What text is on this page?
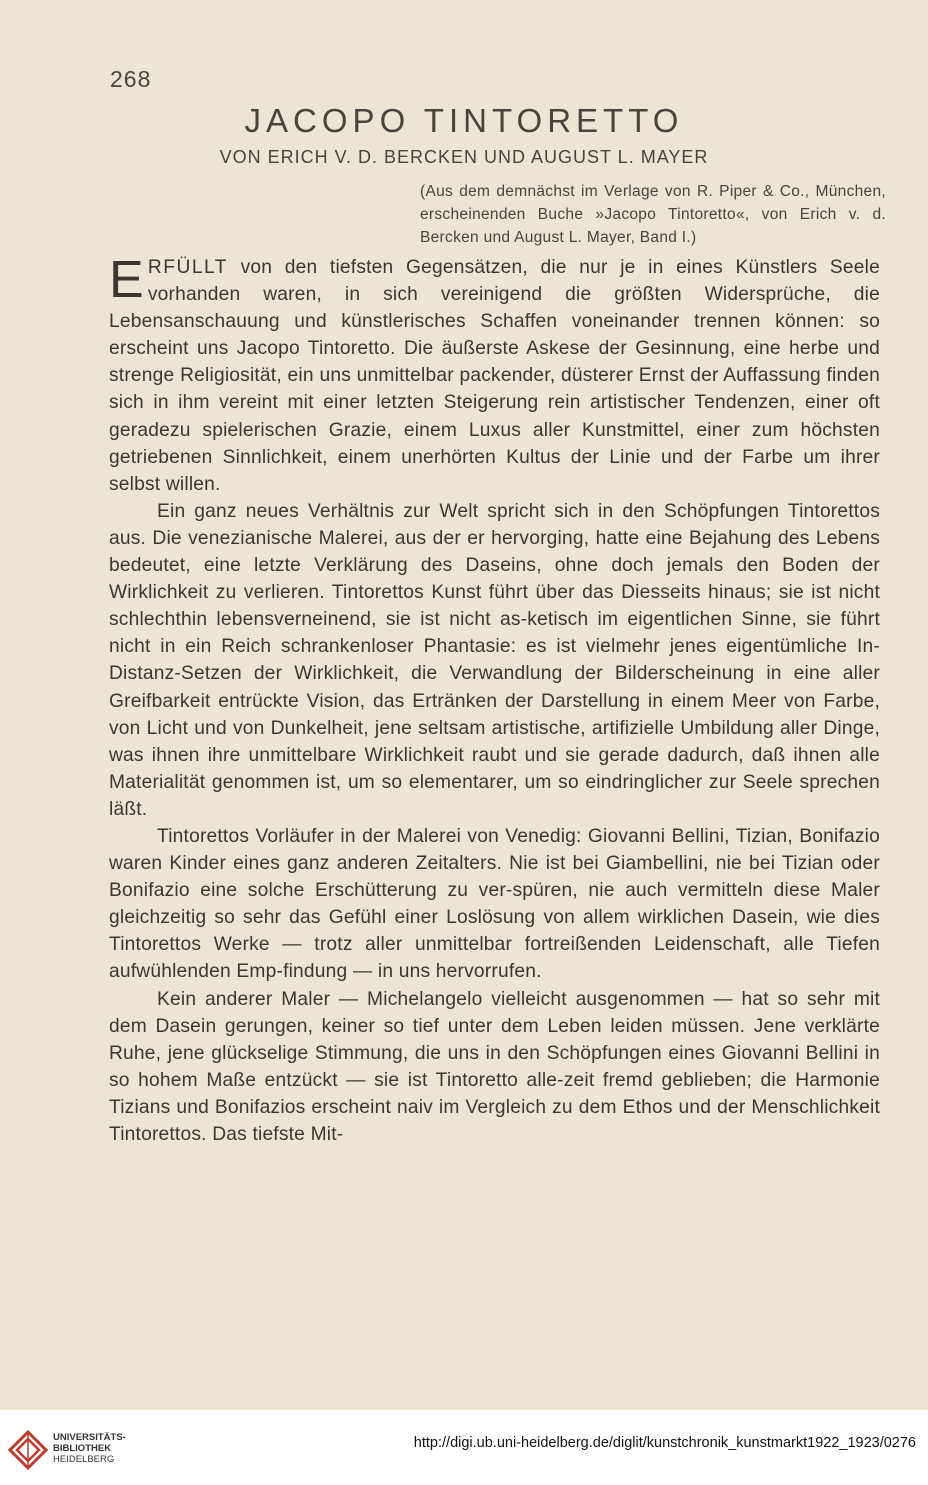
268
JACOPO TINTORETTO
VON ERICH V. D. BERCKEN UND AUGUST L. MAYER
(Aus dem demnächst im Verlage von R. Piper & Co., München, erscheinenden Buche »Jacopo Tintoretto«, von Erich v. d. Bercken und August L. Mayer, Band I.)

ERFÜLLT von den tiefsten Gegensätzen, die nur je in eines Künstlers Seele vorhanden waren, in sich vereinigend die größten Widersprüche, die Lebensanschauung und künstlerisches Schaffen voneinander trennen können: so erscheint uns Jacopo Tintoretto. Die äußerste Askese der Gesinnung, eine herbe und strenge Religiosität, ein uns unmittelbar packender, düsterer Ernst der Auffassung finden sich in ihm vereint mit einer letzten Steigerung rein artistischer Tendenzen, einer oft geradezu spielerischen Grazie, einem Luxus aller Kunstmittel, einer zum höchsten getriebenen Sinnlichkeit, einem unerhörten Kultus der Linie und der Farbe um ihrer selbst willen.

Ein ganz neues Verhältnis zur Welt spricht sich in den Schöpfungen Tintorettos aus. Die venezianische Malerei, aus der er hervorging, hatte eine Bejahung des Lebens bedeutet, eine letzte Verklärung des Daseins, ohne doch jemals den Boden der Wirklichkeit zu verlieren. Tintorettos Kunst führt über das Diesseits hinaus; sie ist nicht schlechthin lebensverneinend, sie ist nicht as-ketisch im eigentlichen Sinne, sie führt nicht in ein Reich schrankenloser Phantasie: es ist vielmehr jenes eigentümliche In-Distanz-Setzen der Wirklichkeit, die Verwandlung der Bilderscheinung in eine aller Greifbarkeit entrückte Vision, das Ertränken der Darstellung in einem Meer von Farbe, von Licht und von Dunkelheit, jene seltsam artistische, artifizielle Umbildung aller Dinge, was ihnen ihre unmittelbare Wirklichkeit raubt und sie gerade dadurch, daß ihnen alle Materialität genommen ist, um so elementarer, um so eindringlicher zur Seele sprechen läßt.

Tintorettos Vorläufer in der Malerei von Venedig: Giovanni Bellini, Tizian, Bonifazio waren Kinder eines ganz anderen Zeitalters. Nie ist bei Giambellini, nie bei Tizian oder Bonifazio eine solche Erschütterung zu ver-spüren, nie auch vermitteln diese Maler gleichzeitig so sehr das Gefühl einer Loslösung von allem wirklichen Dasein, wie dies Tintorettos Werke — trotz aller unmittelbar fortreißenden Leidenschaft, alle Tiefen aufwühlenden Emp-findung — in uns hervorrufen.

Kein anderer Maler — Michelangelo vielleicht ausgenommen — hat so sehr mit dem Dasein gerungen, keiner so tief unter dem Leben leiden müssen. Jene verklärte Ruhe, jene glückselige Stimmung, die uns in den Schöpfungen eines Giovanni Bellini in so hohem Maße entzückt — sie ist Tintoretto alle-zeit fremd geblieben; die Harmonie Tizians und Bonifazios erscheint naiv im Vergleich zu dem Ethos und der Menschlichkeit Tintorettos. Das tiefste Mit-

UNIVERSITÄTS-
BIBLIOTHEK
HEIDELBERG
http://digi.ub.uni-heidelberg.de/diglit/kunstchronik_kunstmarkt1922_1923/0276
